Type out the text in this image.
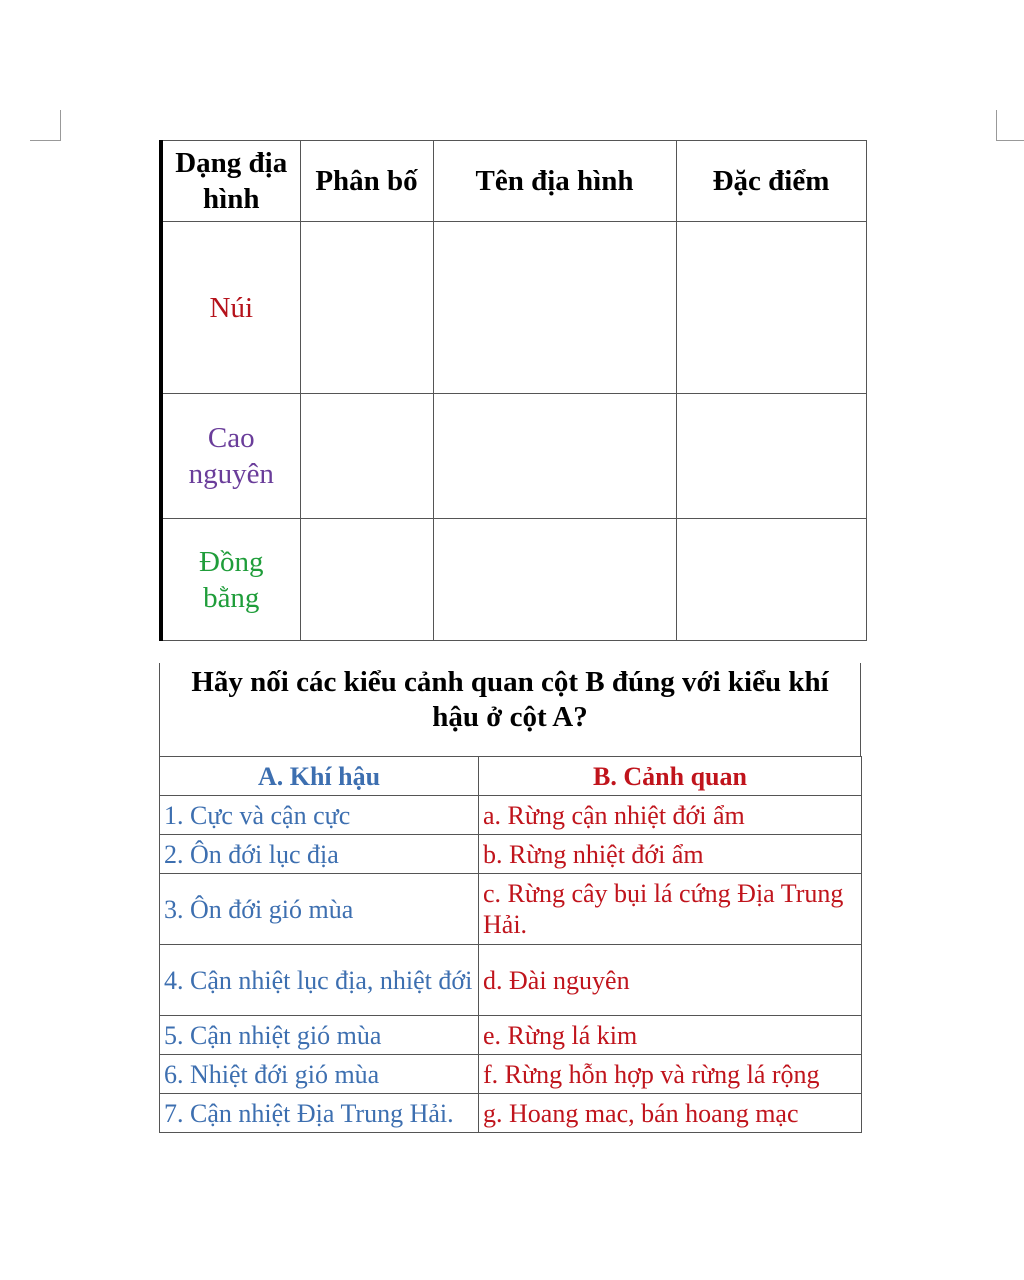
Dạng địa hình	Phân bố	Tên địa hình	Đặc điểm
Núi			
Cao nguyên			
Đồng bằng			
Hãy nối các kiểu cảnh quan cột B đúng với kiểu khí hậu ở cột A?
A. Khí hậu	B. Cảnh quan
1. Cực và cận cực	a. Rừng cận nhiệt đới ẩm
2. Ôn đới lục địa	b. Rừng nhiệt đới ẩm
3. Ôn đới gió mùa	c. Rừng cây bụi lá cứng Địa Trung Hải.
4. Cận nhiệt lục địa, nhiệt đới	d. Đài nguyên
5. Cận nhiệt gió mùa	e. Rừng lá kim
6. Nhiệt đới gió mùa	f. Rừng hỗn hợp và rừng lá rộng
7. Cận nhiệt Địa Trung Hải.	g. Hoang mac, bán hoang mạc
